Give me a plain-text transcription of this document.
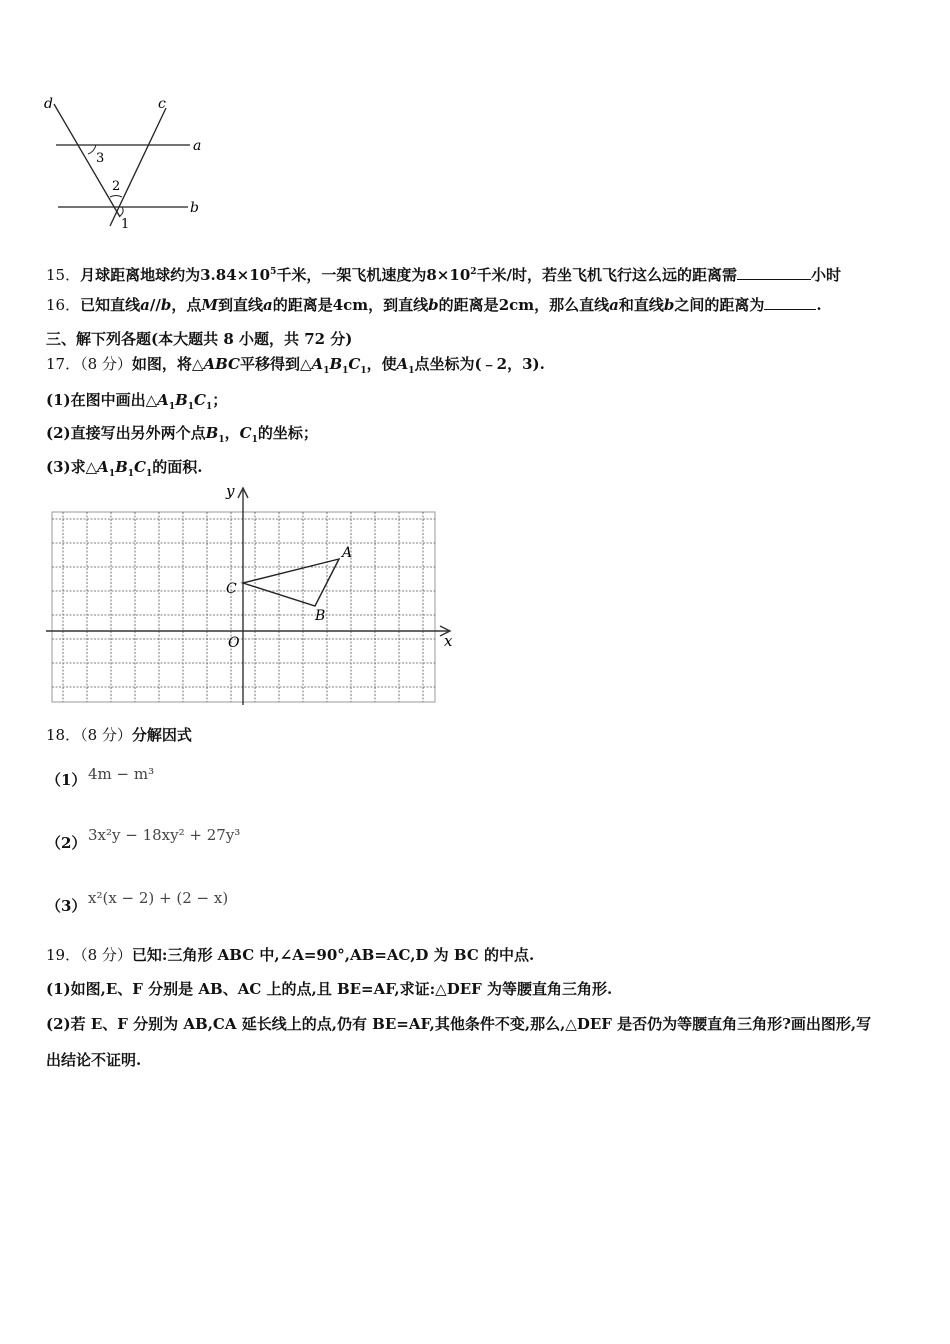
d	c
a
b
3
2
1
15．月球距离地球约为$3.84\times 10^5$千米，一架飞机速度为$8\times 10^2$千米/时，若坐飞机飞行这么远的距离需	小时
16．已知直线a//b，点M到直线a的距离是4cm，到直线b的距离是2cm，那么直线a和直线b之间的距离为	.
三、解下列各题(本大题共 8 小题，共 72 分)
17．（8 分）如图，将△ABC平移得到$\triangle A_1B_1C_1$，使$A_1$点坐标为(﹣2，3).
(1)在图中画出$\triangle A_1B_1C_1$；
(2)直接写出另外两个点$B_1$，$C_1$的坐标；
(3)求$\triangle A_1B_1C_1$的面积.
x
y
O
A
B
C
18．（8 分）分解因式
（1） 4m − m³
（2） 3x²y − 18xy² + 27y³
（3） x²(x − 2) + (2 − x)
19．（8 分）已知:三角形 ABC 中,∠A=90°,AB=AC,D 为 BC 的中点.
(1)如图,E、F 分别是 AB、AC 上的点,且 BE=AF,求证:△DEF 为等腰直角三角形.
(2)若 E、F 分别为 AB,CA 延长线上的点,仍有 BE=AF,其他条件不变,那么,△DEF 是否仍为等腰直角三角形?画出图形,写
出结论不证明.
